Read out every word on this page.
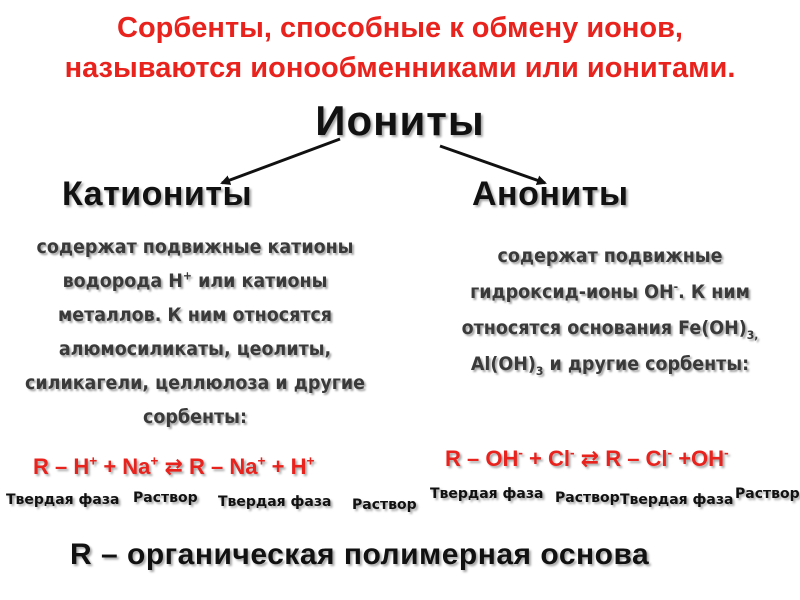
Сорбенты, способные к обмену ионов,
называются ионообменниками или ионитами.
Иониты
Катиониты
содержат подвижные катионы
водорода H+ или катионы
металлов. К ним относятся
алюмосиликаты, цеолиты,
силикагели, целлюлоза и другие
сорбенты:
R – H+ + Na+ ⇄ R – Na+ + H+
Твердая фаза Раствор Твердая фаза Раствор
Анониты
содержат подвижные
гидроксид-ионы OH-. К ним
относятся основания $Fe(OH)_{3,}$
$Al(OH)_3$ и другие сорбенты:
R – OH- + Cl- ⇄ R – Cl- +OH-
Твердая фаза Раствор Твердая фаза Раствор
R – органическая полимерная основа
